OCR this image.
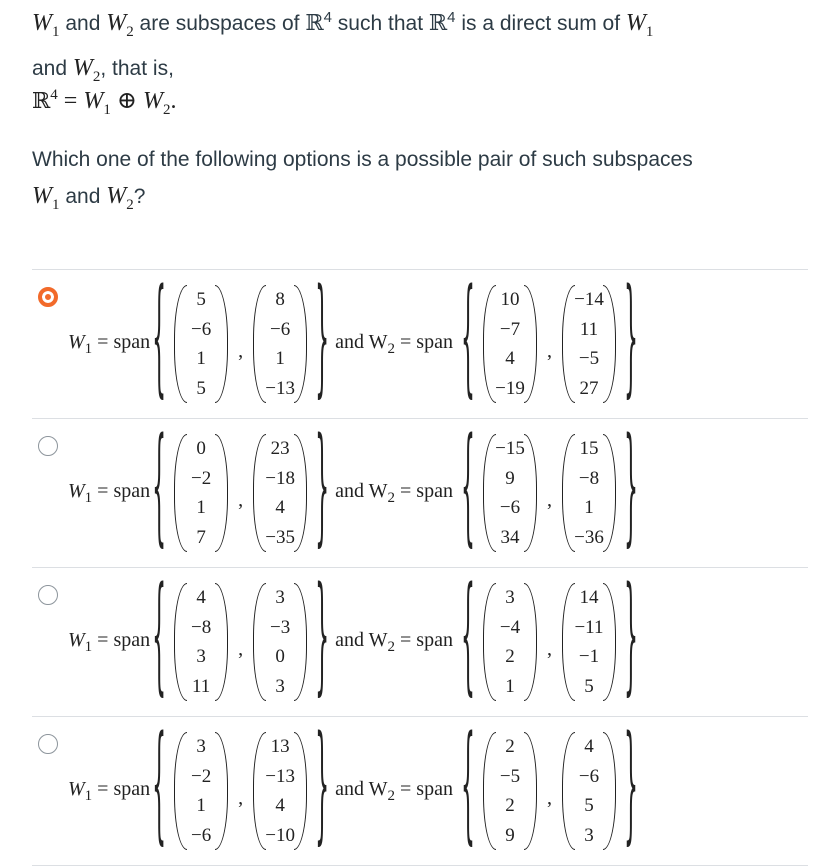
$W_1$ and $W_2$ are subspaces of ℝ$^4$ such that ℝ$^4$ is a direct sum of $W_1$
and $W_2$, that is,
ℝ$^4$ = $W_1$ ⊕ $W_2$.
Which one of the following options is a possible pair of such subspaces
$W_1$ and $W_2$?
$W_1$ = span { 5
−6
1
5
,
8
−6
1
−13 } and $W_2$ = span { 10
−7
4
−19
,
−14
11
−5
27 }
$W_1$ = span { 0
−2
1
7
,
23
−18
4
−35 } and $W_2$ = span { −15
9
−6
34
,
15
−8
1
−36 }
$W_1$ = span { 4
−8
3
11
,
3
−3
0
3 } and $W_2$ = span { 3
−4
2
1
,
14
−11
−1
5 }
$W_1$ = span { 3
−2
1
−6
,
13
−13
4
−10 } and $W_2$ = span { 2
−5
2
9
,
4
−6
5
3 }
